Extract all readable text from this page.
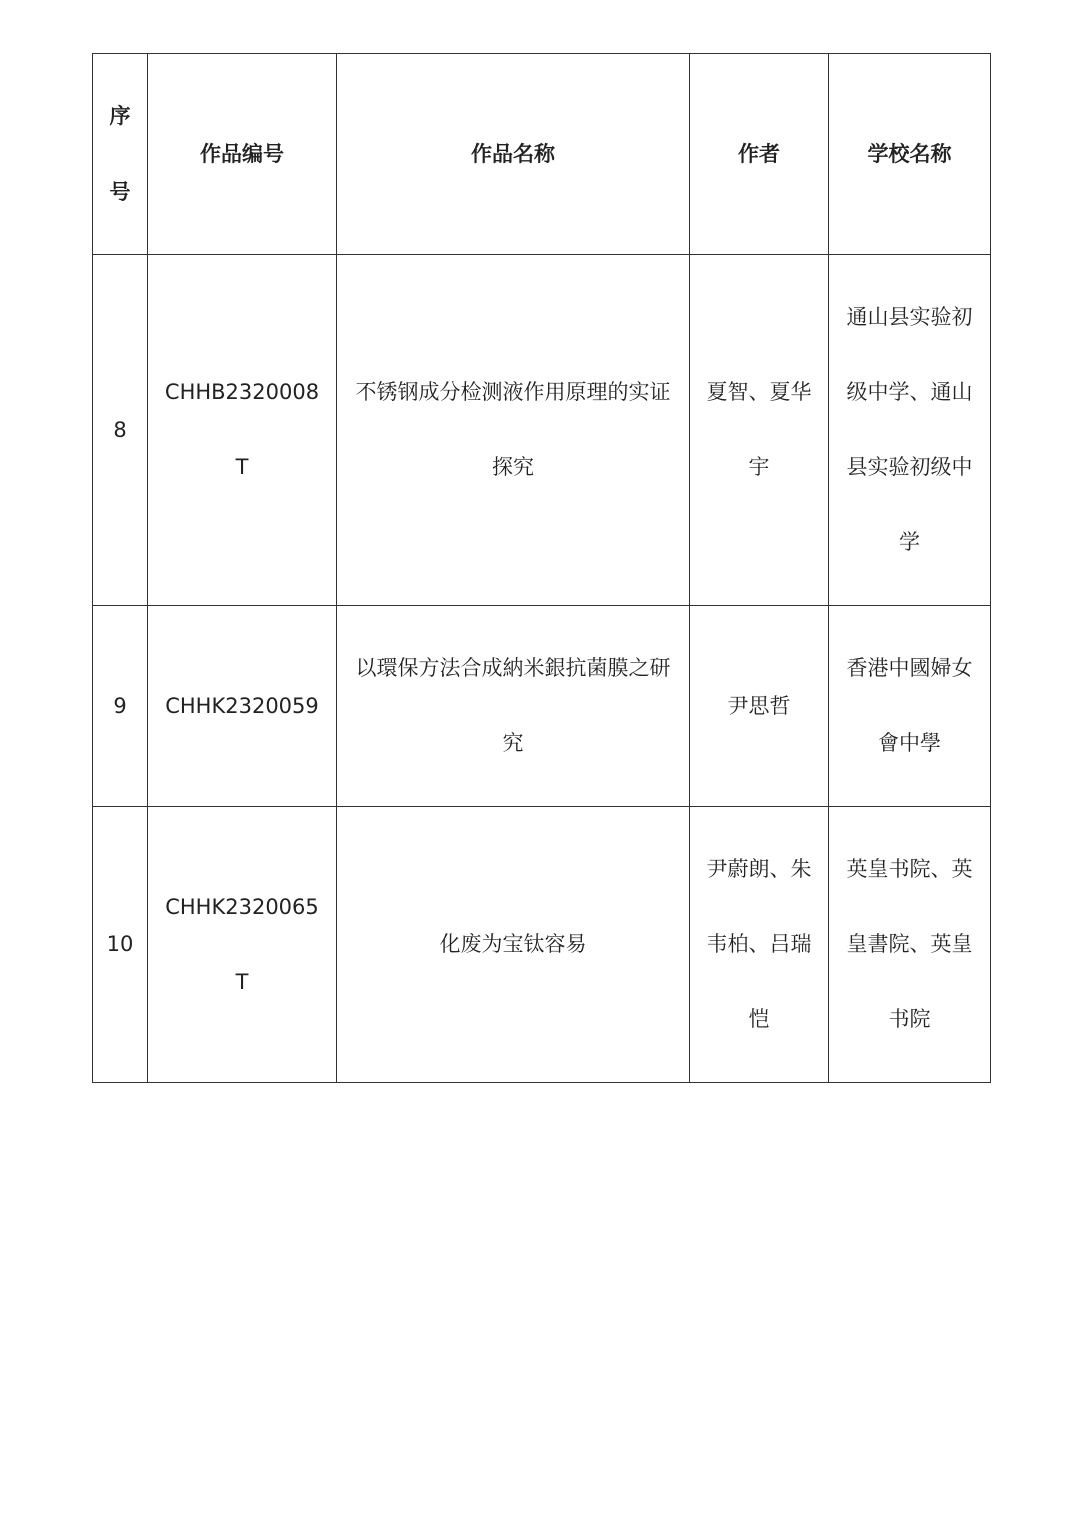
序号	作品编号	作品名称	作者	学校名称

8	CHHB2320008T	不锈钢成分检测液作用原理的实证探究	夏智、夏华宇	通山县实验初级中学、通山县实验初级中学

9	CHHK2320059	以環保方法合成納米銀抗菌膜之研究	尹思哲	香港中國婦女會中學

10	CHHK2320065T	化废为宝钛容易	尹蔚朗、朱韦柏、吕瑞恺	英皇书院、英皇書院、英皇书院
